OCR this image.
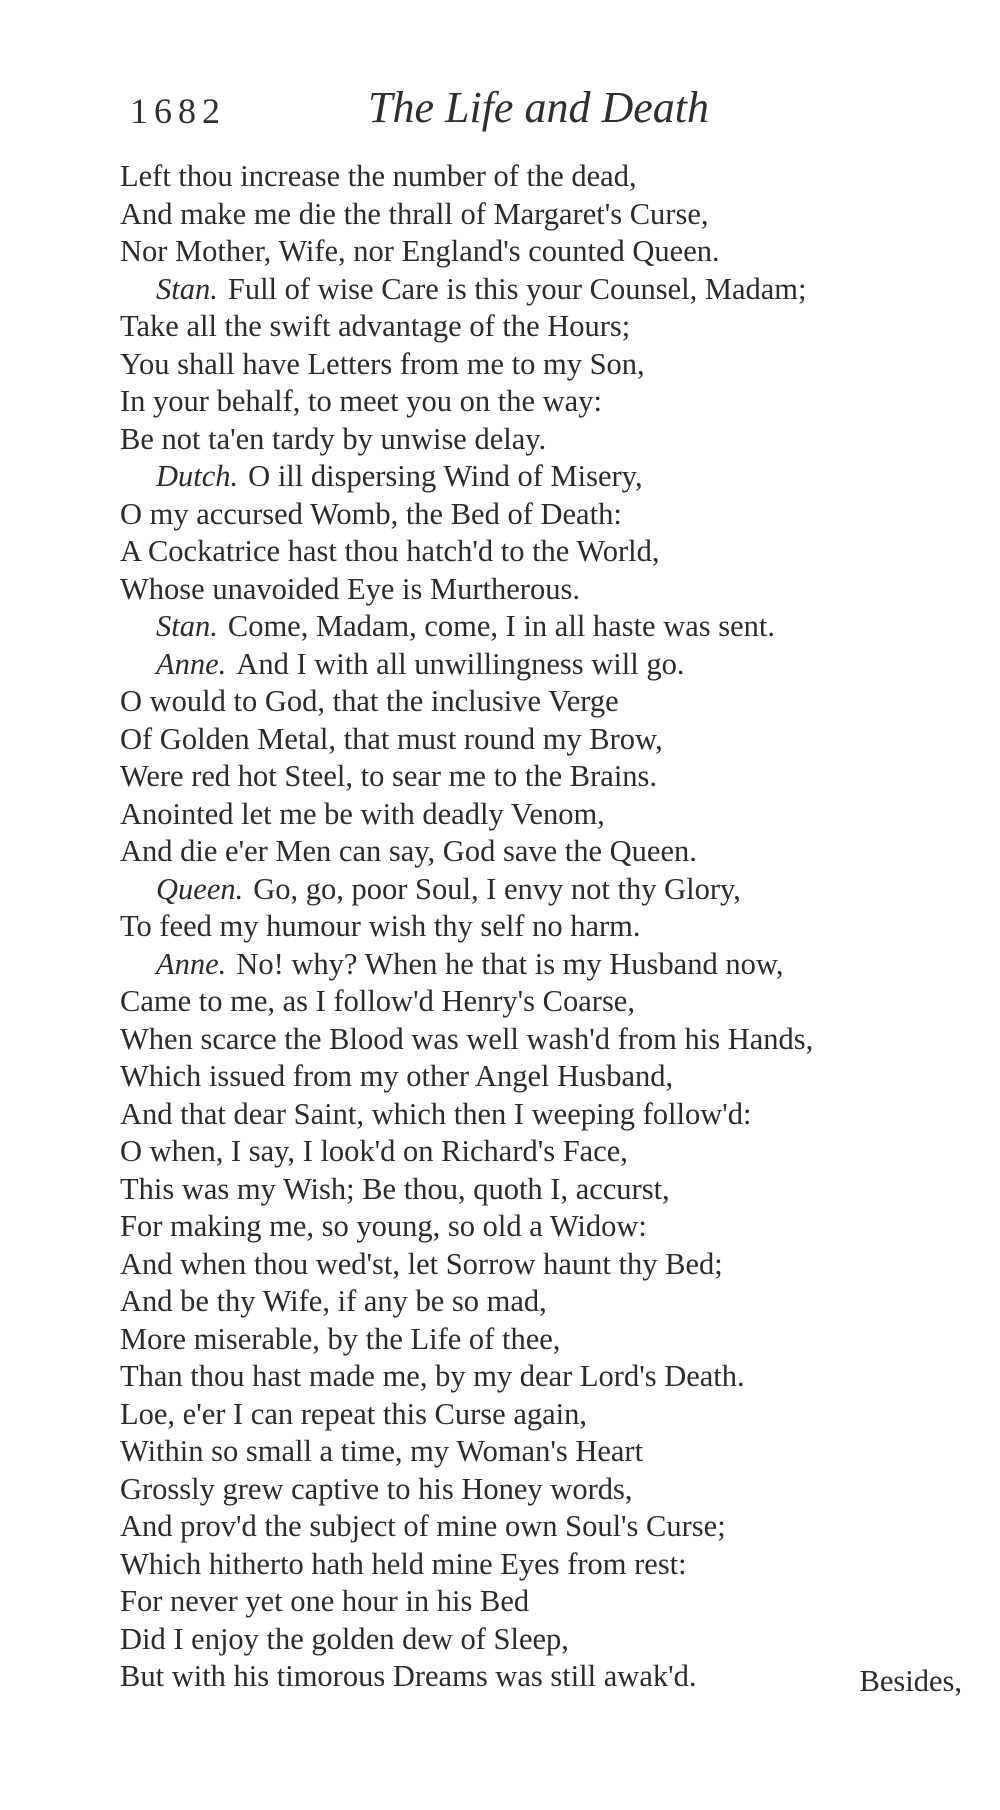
1682	The Life and Death
Left thou increase the number of the dead,
And make me die the thrall of Margaret's Curse,
Nor Mother, Wife, nor England's counted Queen.
Stan. Full of wise Care is this your Counsel, Madam;
Take all the swift advantage of the Hours;
You shall have Letters from me to my Son,
In your behalf, to meet you on the way:
Be not ta'en tardy by unwise delay.
Dutch. O ill dispersing Wind of Misery,
O my accursed Womb, the Bed of Death:
A Cockatrice hast thou hatch'd to the World,
Whose unavoided Eye is Murtherous.
Stan. Come, Madam, come, I in all haste was sent.
Anne. And I with all unwillingness will go.
O would to God, that the inclusive Verge
Of Golden Metal, that must round my Brow,
Were red hot Steel, to sear me to the Brains.
Anointed let me be with deadly Venom,
And die e'er Men can say, God save the Queen.
Queen. Go, go, poor Soul, I envy not thy Glory,
To feed my humour wish thy self no harm.
Anne. No! why? When he that is my Husband now,
Came to me, as I follow'd Henry's Coarse,
When scarce the Blood was well wash'd from his Hands,
Which issued from my other Angel Husband,
And that dear Saint, which then I weeping follow'd:
O when, I say, I look'd on Richard's Face,
This was my Wish; Be thou, quoth I, accurst,
For making me, so young, so old a Widow:
And when thou wed'st, let Sorrow haunt thy Bed;
And be thy Wife, if any be so mad,
More miserable, by the Life of thee,
Than thou hast made me, by my dear Lord's Death.
Loe, e'er I can repeat this Curse again,
Within so small a time, my Woman's Heart
Grossly grew captive to his Honey words,
And prov'd the subject of mine own Soul's Curse;
Which hitherto hath held mine Eyes from rest:
For never yet one hour in his Bed
Did I enjoy the golden dew of Sleep,
But with his timorous Dreams was still awak'd.	Besides,
